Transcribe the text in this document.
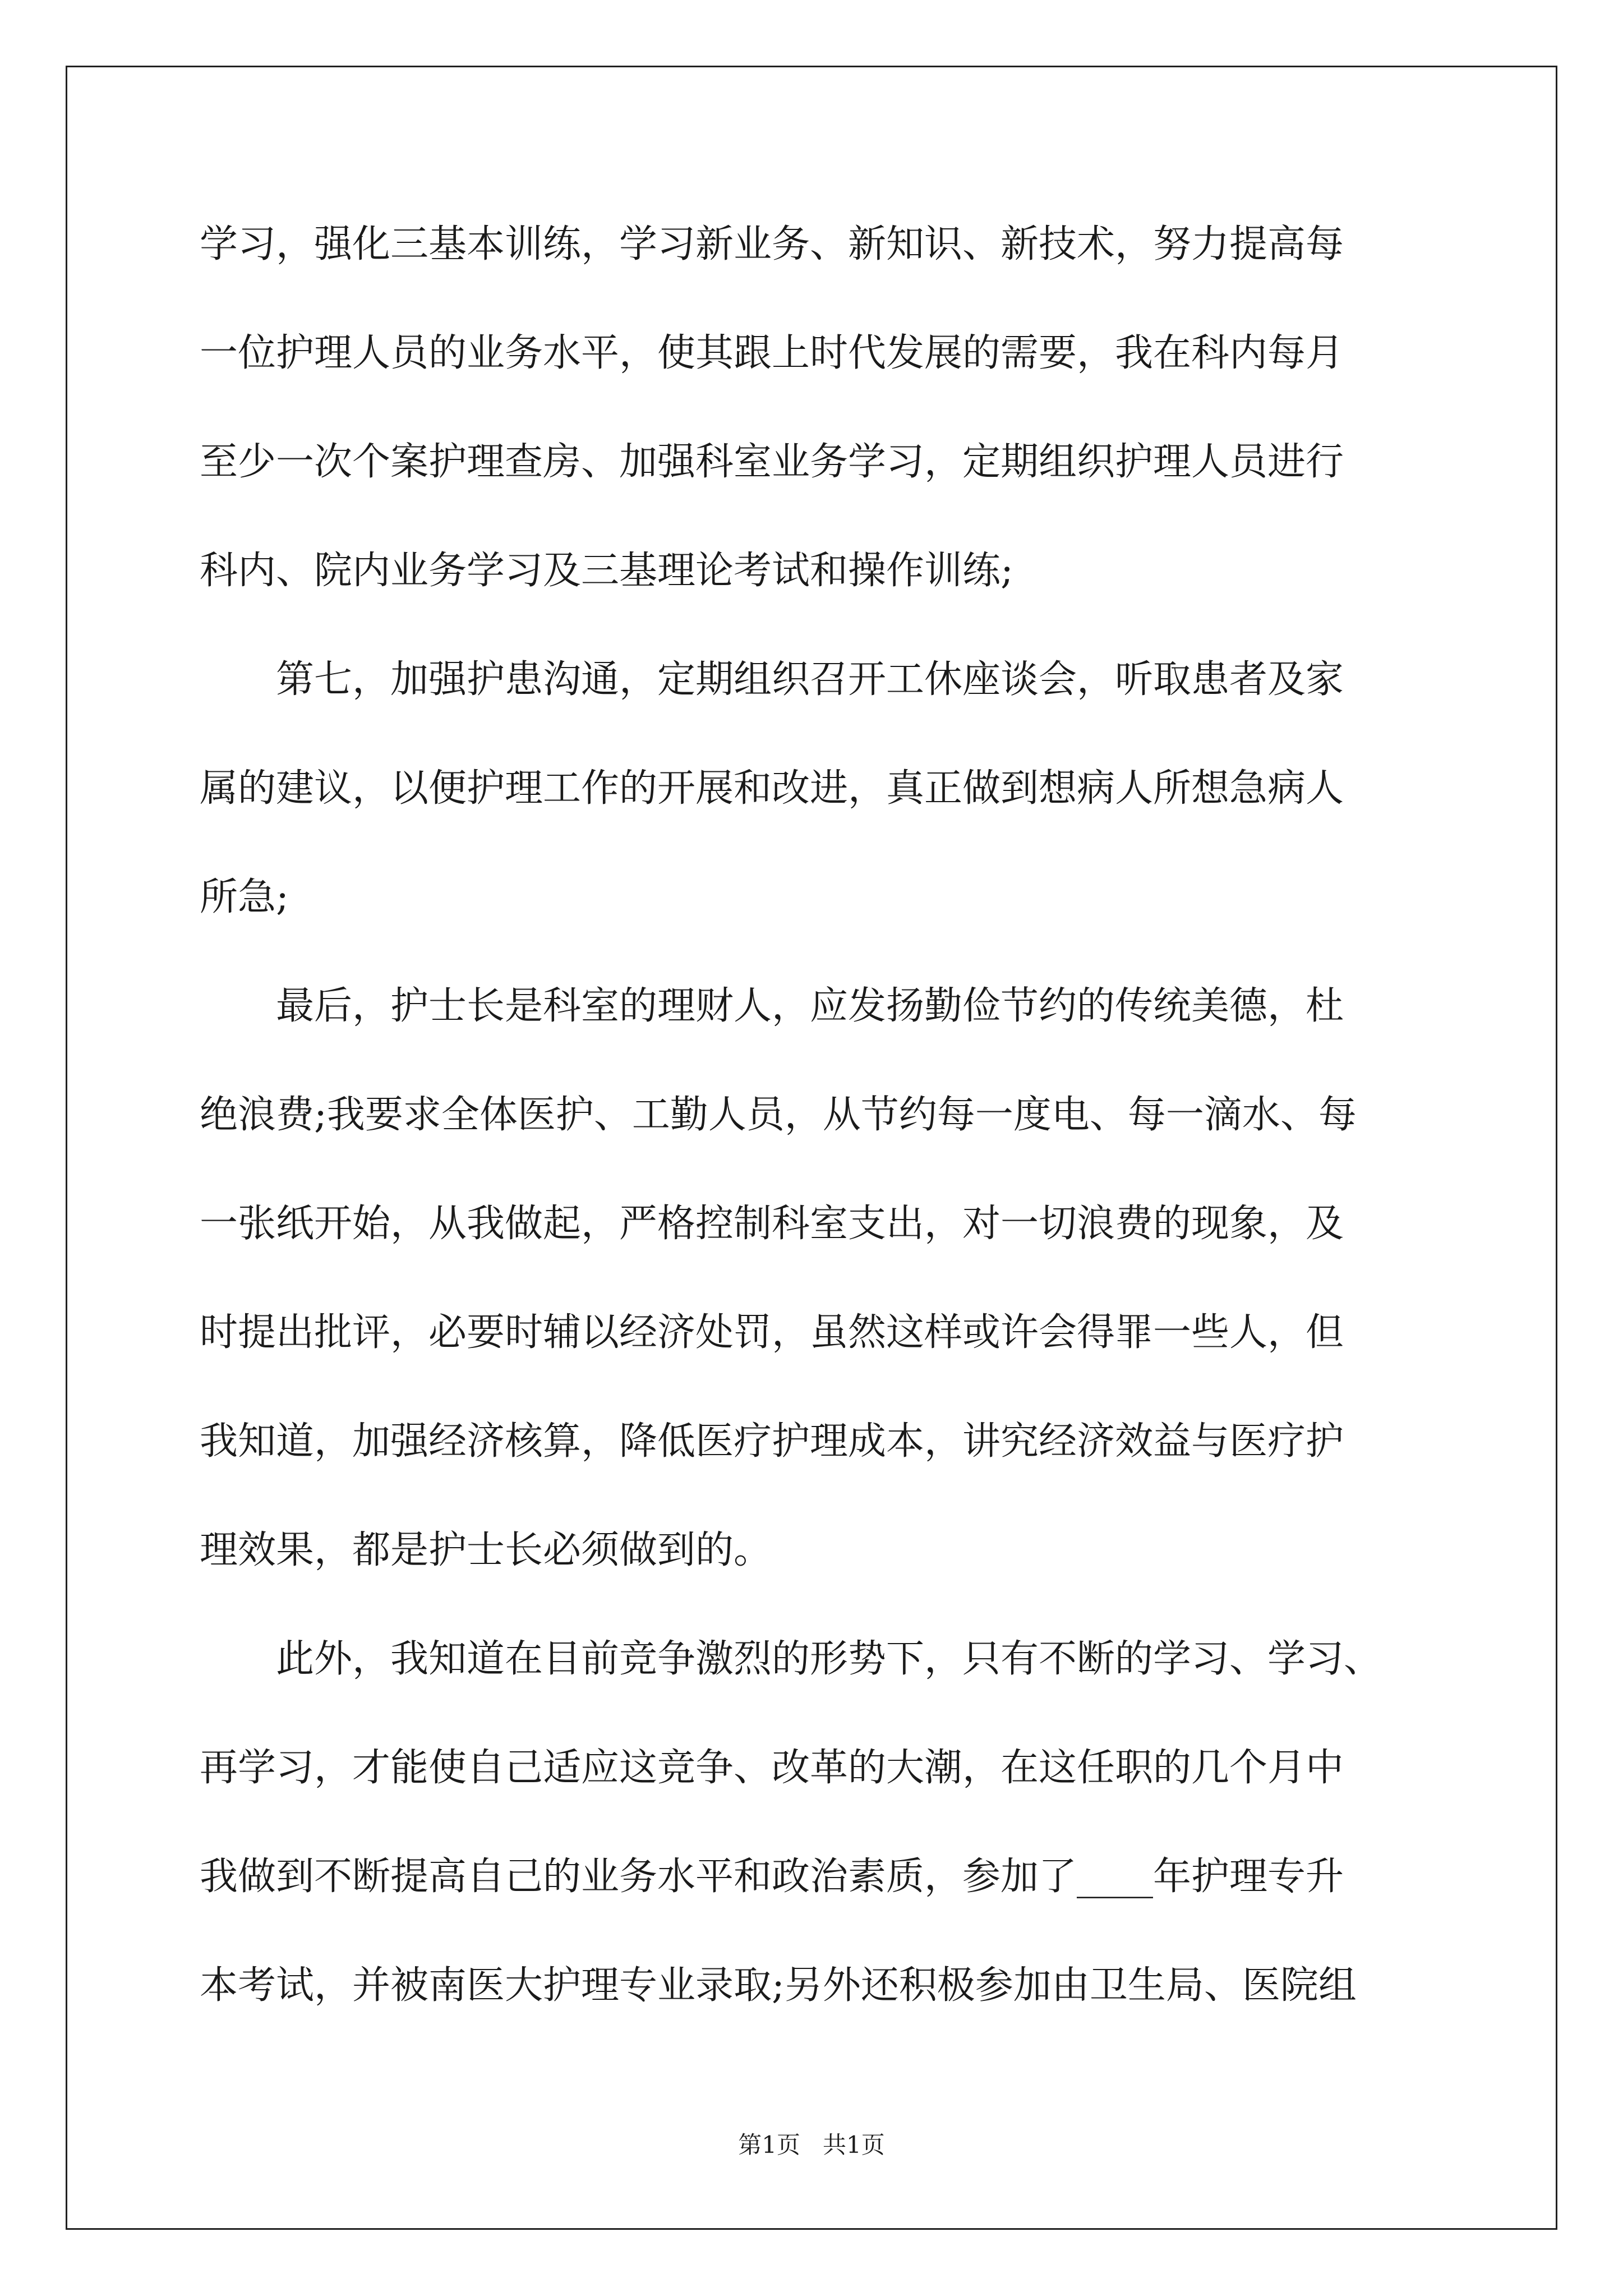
学习，强化三基本训练，学习新业务、新知识、新技术，努力提高每
一位护理人员的业务水平，使其跟上时代发展的需要，我在科内每月
至少一次个案护理查房、加强科室业务学习，定期组织护理人员进行
科内、院内业务学习及三基理论考试和操作训练;
　　第七，加强护患沟通，定期组织召开工休座谈会，听取患者及家
属的建议，以便护理工作的开展和改进，真正做到想病人所想急病人
所急;
　　最后，护士长是科室的理财人，应发扬勤俭节约的传统美德，杜
绝浪费;我要求全体医护、工勤人员，从节约每一度电、每一滴水、每
一张纸开始，从我做起，严格控制科室支出，对一切浪费的现象，及
时提出批评，必要时辅以经济处罚，虽然这样或许会得罪一些人，但
我知道，加强经济核算，降低医疗护理成本，讲究经济效益与医疗护
理效果，都是护士长必须做到的。
　　此外，我知道在目前竞争激烈的形势下，只有不断的学习、学习、
再学习，才能使自己适应这竞争、改革的大潮，在这任职的几个月中
我做到不断提高自己的业务水平和政治素质，参加了____年护理专升
本考试，并被南医大护理专业录取;另外还积极参加由卫生局、医院组
第1页 共1页
